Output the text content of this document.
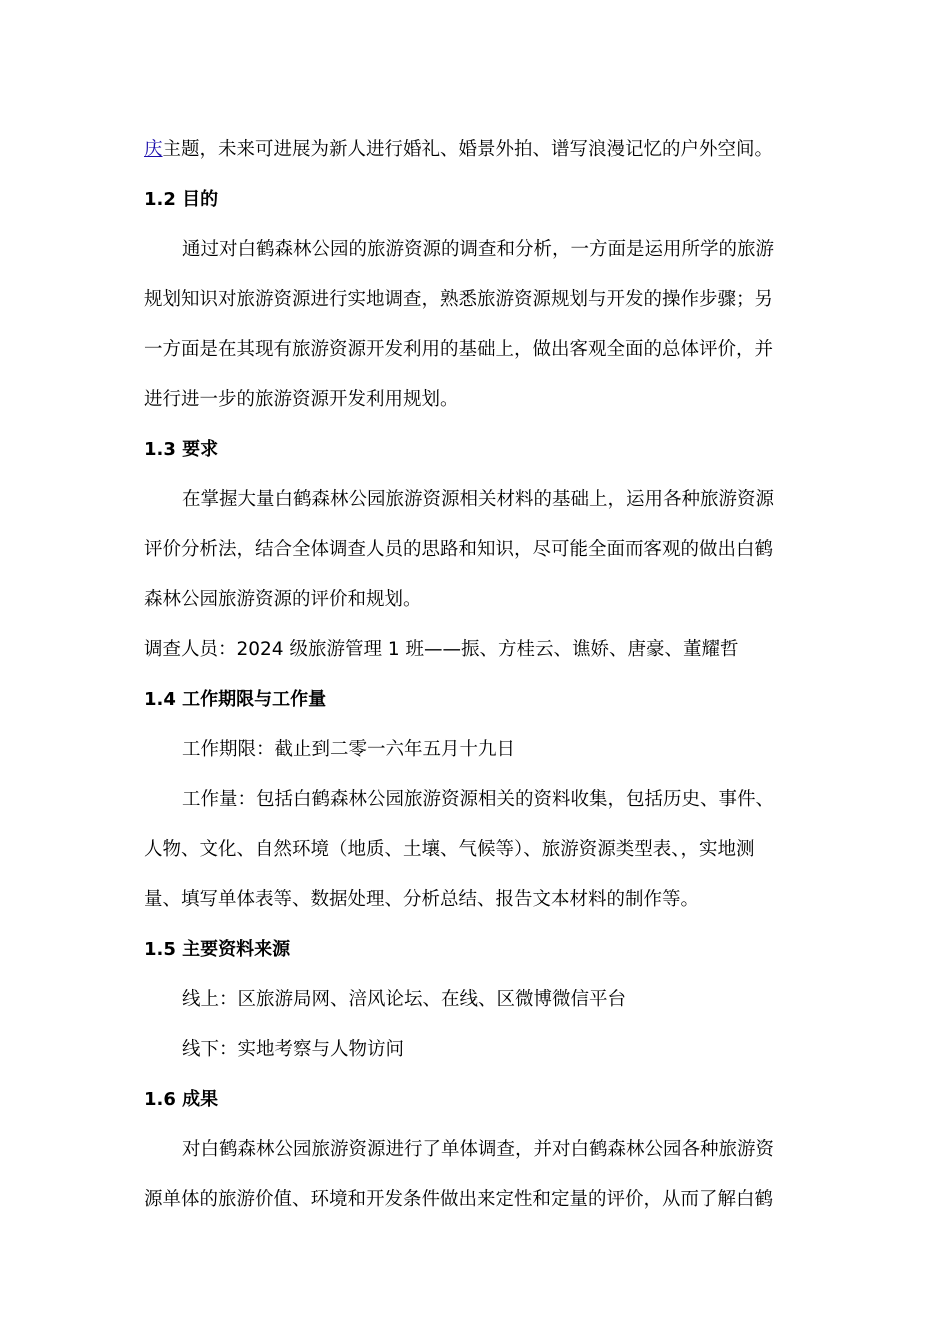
庆主题，未来可进展为新人进行婚礼、婚景外拍、谱写浪漫记忆的户外空间。
1.2 目的
通过对白鹤森林公园的旅游资源的调查和分析，一方面是运用所学的旅游
规划知识对旅游资源进行实地调查，熟悉旅游资源规划与开发的操作步骤；另
一方面是在其现有旅游资源开发利用的基础上，做出客观全面的总体评价，并
进行进一步的旅游资源开发利用规划。
1.3 要求
在掌握大量白鹤森林公园旅游资源相关材料的基础上，运用各种旅游资源
评价分析法，结合全体调查人员的思路和知识，尽可能全面而客观的做出白鹤
森林公园旅游资源的评价和规划。
调查人员：2024 级旅游管理 1 班——振、方桂云、谯娇、唐豪、董耀哲
1.4 工作期限与工作量
工作期限：截止到二零一六年五月十九日
工作量：包括白鹤森林公园旅游资源相关的资料收集，包括历史、事件、
人物、文化、自然环境（地质、土壤、气候等）、旅游资源类型表、，实地测
量、填写单体表等、数据处理、分析总结、报告文本材料的制作等。
1.5 主要资料来源
线上：区旅游局网、涪风论坛、在线、区微博微信平台
线下：实地考察与人物访问
1.6 成果
对白鹤森林公园旅游资源进行了单体调查，并对白鹤森林公园各种旅游资
源单体的旅游价值、环境和开发条件做出来定性和定量的评价，从而了解白鹤
